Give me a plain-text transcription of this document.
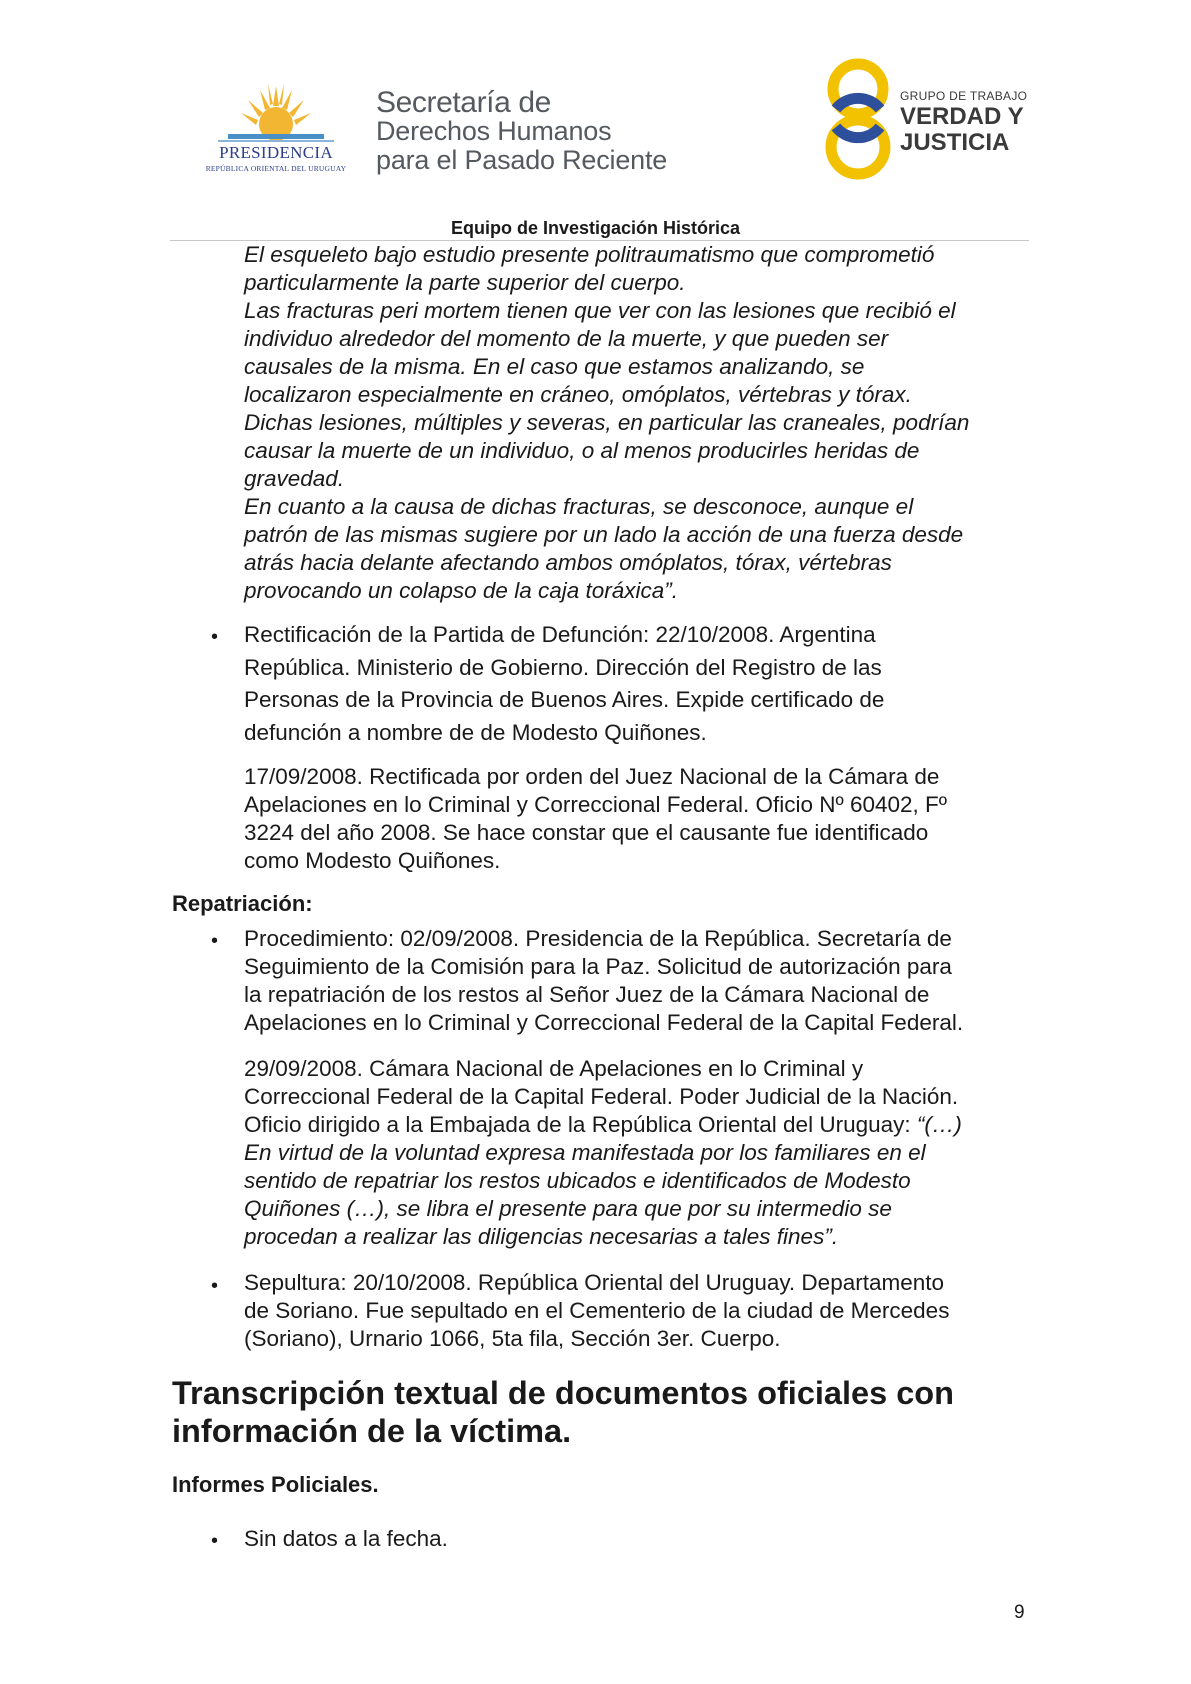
PRESIDENCIA
REPÚBLICA ORIENTAL DEL URUGUAY
Secretaría de
Derechos Humanos
para el Pasado Reciente
GRUPO DE TRABAJO
VERDAD Y
JUSTICIA
Equipo de Investigación Histórica
El esqueleto bajo estudio presente politraumatismo que comprometió
particularmente la parte superior del cuerpo.
Las fracturas peri mortem tienen que ver con las lesiones que recibió el
individuo alrededor del momento de la muerte, y que pueden ser
causales de la misma. En el caso que estamos analizando, se
localizaron especialmente en cráneo, omóplatos, vértebras y tórax.
Dichas lesiones, múltiples y severas, en particular las craneales, podrían
causar la muerte de un individuo, o al menos producirles heridas de
gravedad.
En cuanto a la causa de dichas fracturas, se desconoce, aunque el
patrón de las mismas sugiere por un lado la acción de una fuerza desde
atrás hacia delante afectando ambos omóplatos, tórax, vértebras
provocando un colapso de la caja toráxica”.
• Rectificación de la Partida de Defunción: 22/10/2008. Argentina
República. Ministerio de Gobierno. Dirección del Registro de las
Personas de la Provincia de Buenos Aires. Expide certificado de
defunción a nombre de de Modesto Quiñones.
17/09/2008. Rectificada por orden del Juez Nacional de la Cámara de
Apelaciones en lo Criminal y Correccional Federal. Oficio Nº 60402, Fº
3224 del año 2008. Se hace constar que el causante fue identificado
como Modesto Quiñones.
Repatriación:
• Procedimiento: 02/09/2008. Presidencia de la República. Secretaría de
Seguimiento de la Comisión para la Paz. Solicitud de autorización para
la repatriación de los restos al Señor Juez de la Cámara Nacional de
Apelaciones en lo Criminal y Correccional Federal de la Capital Federal.
29/09/2008. Cámara Nacional de Apelaciones en lo Criminal y
Correccional Federal de la Capital Federal. Poder Judicial de la Nación.
Oficio dirigido a la Embajada de la República Oriental del Uruguay: “(…)
En virtud de la voluntad expresa manifestada por los familiares en el
sentido de repatriar los restos ubicados e identificados de Modesto
Quiñones (…), se libra el presente para que por su intermedio se
procedan a realizar las diligencias necesarias a tales fines”.
• Sepultura: 20/10/2008. República Oriental del Uruguay. Departamento
de Soriano. Fue sepultado en el Cementerio de la ciudad de Mercedes
(Soriano), Urnario 1066, 5ta fila, Sección 3er. Cuerpo.
Transcripción textual de documentos oficiales con
información de la víctima.
Informes Policiales.
• Sin datos a la fecha.
9
